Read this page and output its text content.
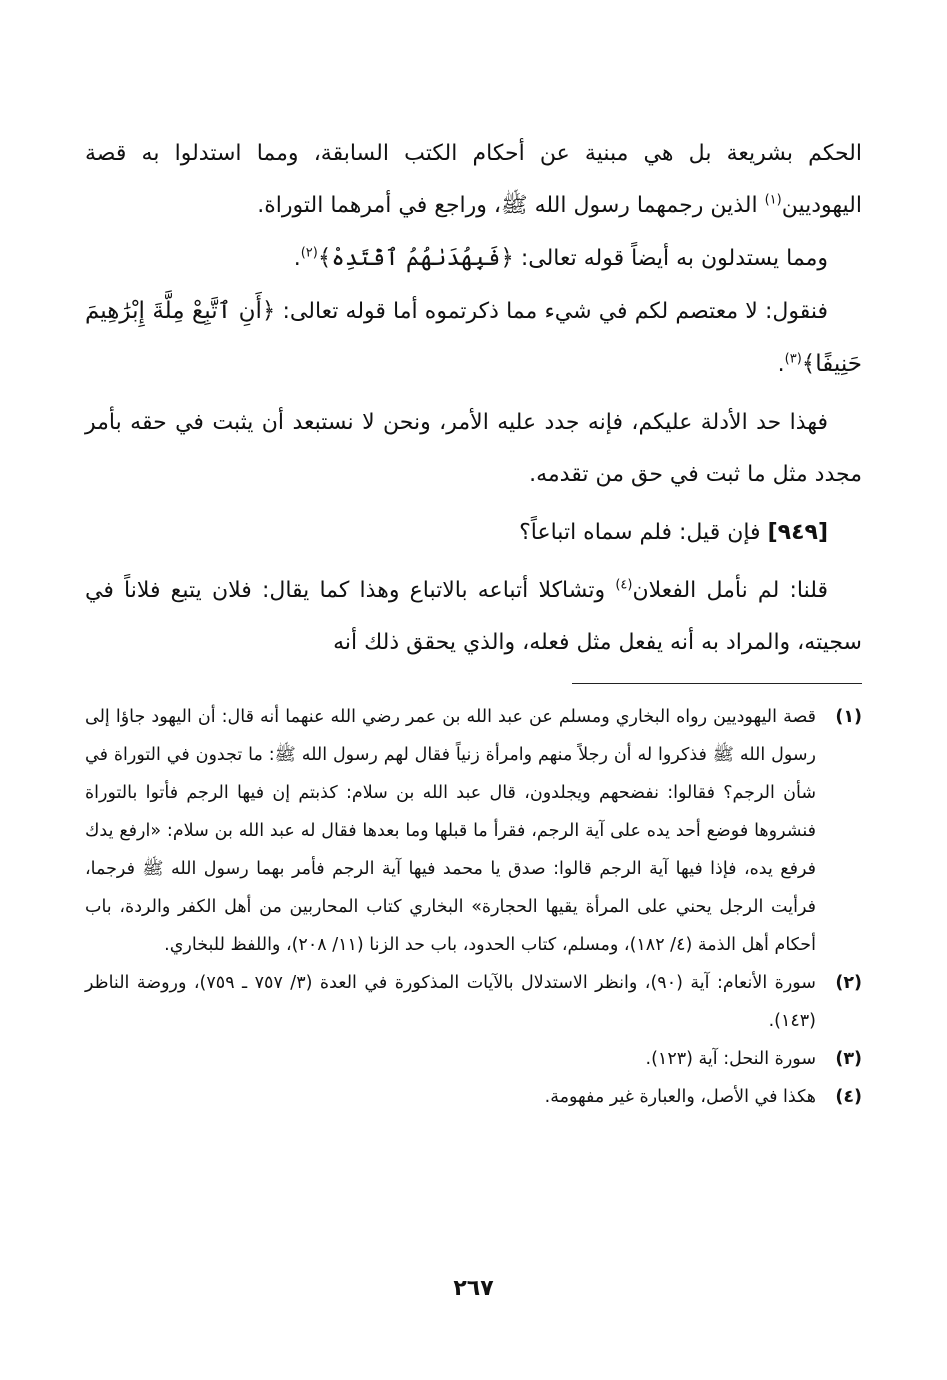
الحكم بشريعة بل هي مبنية عن أحكام الكتب السابقة، ومما استدلوا به قصة اليهوديين$^{(١)}$ الذين رجمهما رسول الله ﷺ، وراجع في أمرهما التوراة.

ومما يستدلون به أيضاً قوله تعالى: ﴿فَبِهُدَىٰهُمُ ٱقْتَدِهْ﴾$^{(٢)}$.

فنقول: لا معتصم لكم في شيء مما ذكرتموه أما قوله تعالى: ﴿أَنِ ٱتَّبِعْ مِلَّةَ إِبْرَٰهِيمَ حَنِيفًا﴾$^{(٣)}$.

فهذا حد الأدلة عليكم، فإنه جدد عليه الأمر، ونحن لا نستبعد أن يثبت في حقه بأمر مجدد مثل ما ثبت في حق من تقدمه.

[٩٤٩] فإن قيل: فلم سماه اتباعاً؟

قلنا: لم نأمل الفعلان$^{(٤)}$ وتشاكلا أتباعه بالاتباع وهذا كما يقال: فلان يتبع فلاناً في سجيته، والمراد به أنه يفعل مثل فعله، والذي يحقق ذلك أنه

(١)
قصة اليهوديين رواه البخاري ومسلم عن عبد الله بن عمر رضي الله عنهما أنه قال: أن اليهود جاؤا إلى رسول الله ﷺ فذكروا له أن رجلاً منهم وامرأة زنياً فقال لهم رسول الله ﷺ: ما تجدون في التوراة في شأن الرجم؟ فقالوا: نفضحهم ويجلدون، قال عبد الله بن سلام: كذبتم إن فيها الرجم فأتوا بالتوراة فنشروها فوضع أحد يده على آية الرجم، فقرأ ما قبلها وما بعدها فقال له عبد الله بن سلام: «ارفع يدك فرفع يده، فإذا فيها آية الرجم قالوا: صدق يا محمد فيها آية الرجم فأمر بهما رسول الله ﷺ فرجما، فرأيت الرجل يحني على المرأة يقيها الحجارة» البخاري كتاب المحاربين من أهل الكفر والردة، باب أحكام أهل الذمة (٤/ ١٨٢)، ومسلم، كتاب الحدود، باب حد الزنا (١١/ ٢٠٨)، واللفظ للبخاري.
(٢)
سورة الأنعام: آية (٩٠)، وانظر الاستدلال بالآيات المذكورة في العدة (٣/ ٧٥٧ ـ ٧٥٩)، وروضة الناظر (١٤٣).
(٣)
سورة النحل: آية (١٢٣).
(٤)
هكذا في الأصل، والعبارة غير مفهومة.
٢٦٧
